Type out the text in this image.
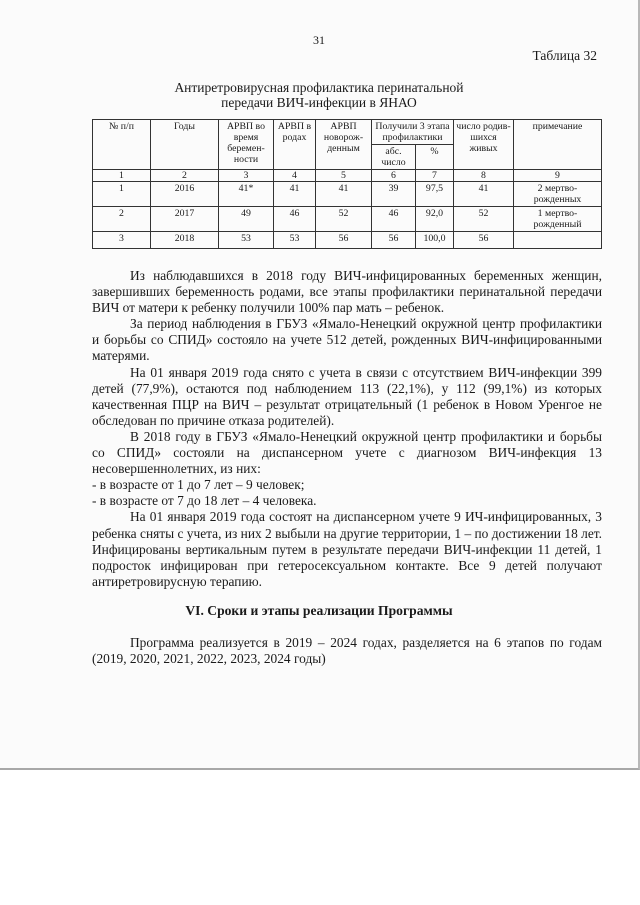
31
Таблица 32
Антиретровирусная профилактика перинатальной
передачи ВИЧ-инфекции в ЯНАО
№ п/п	Годы	АРВП во время беремен-ности	АРВП в родах	АРВП новорож-денным	Получили 3 этапа профилактики		число родив-шихся живых	примечание
					абс. число	%		
1	2	3	4	5	6	7	8	9
1	2016	41*	41	41	39	97,5	41	2 мертво-
рожденных

2	2017	49	46	52	46	92,0	52	1 мертво-
рожденный

3	2018	53	53	56	56	100,0	56	

Из наблюдавшихся в 2018 году ВИЧ-инфицированных беременных женщин, завершивших беременность родами, все этапы профилактики перинатальной передачи ВИЧ от матери к ребенку получили 100% пар мать – ребенок.

За период наблюдения в ГБУЗ «Ямало-Ненецкий окружной центр профилактики и борьбы со СПИД» состояло на учете 512 детей, рожденных ВИЧ-инфицированными матерями.

На 01 января 2019 года снято с учета в связи с отсутствием ВИЧ-инфекции 399 детей (77,9%), остаются под наблюдением 113 (22,1%), у 112 (99,1%) из которых качественная ПЦР на ВИЧ – результат отрицательный (1 ребенок в Новом Уренгое не обследован по причине отказа родителей).

В 2018 году в ГБУЗ «Ямало-Ненецкий окружной центр профилактики и борьбы со СПИД» состояли на диспансерном учете с диагнозом ВИЧ-инфекция 13 несовершеннолетних, из них:

- в возрасте от 1 до 7 лет – 9 человек;

- в возрасте от 7 до 18 лет – 4 человека.

На 01 января 2019 года состоят на диспансерном учете 9 ИЧ-инфицированных, 3 ребенка сняты с учета, из них 2 выбыли на другие территории, 1 – по достижении 18 лет. Инфицированы вертикальным путем в результате передачи ВИЧ-инфекции 11 детей, 1 подросток инфицирован при гетеросексуальном контакте. Все 9 детей получают антиретровирусную терапию.

VI. Сроки и этапы реализации Программы
Программа реализуется в 2019 – 2024 годах, разделяется на 6 этапов по годам (2019, 2020, 2021, 2022, 2023, 2024 годы)
